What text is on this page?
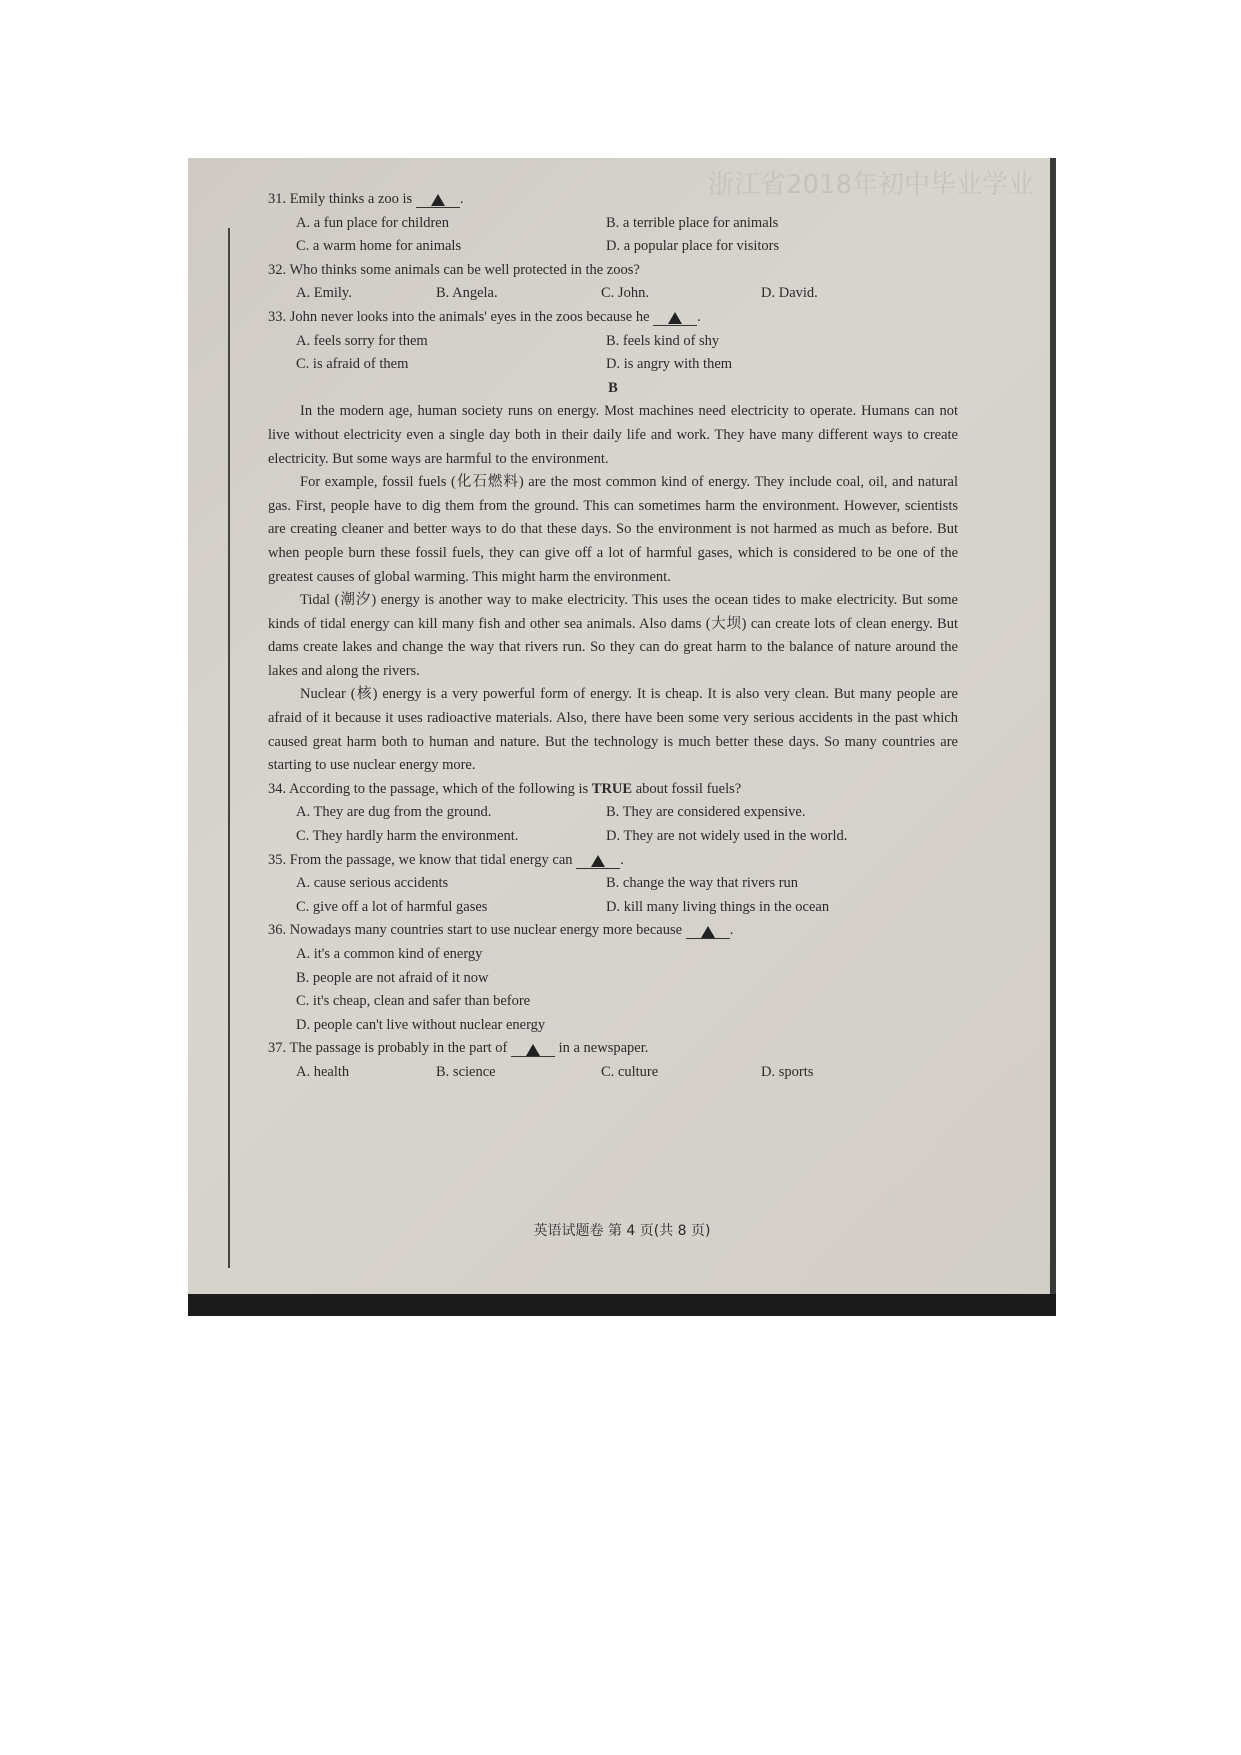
浙江省2018年初中毕业学业

31. Emily thinks a zoo is	.

A. a fun place for children	B. a terrible place for animals
C. a warm home for animals	D. a popular place for visitors

32. Who thinks some animals can be well protected in the zoos?

A. Emily.	B. Angela.	C. John.	D. David.

33. John never looks into the animals' eyes in the zoos because he	.

A. feels sorry for them	B. feels kind of shy
C. is afraid of them	D. is angry with them

B

In the modern age, human society runs on energy. Most machines need electricity to operate. Humans can not live without electricity even a single day both in their daily life and work. They have many different ways to create electricity. But some ways are harmful to the environment.

For example, fossil fuels (化石燃料) are the most common kind of energy. They include coal, oil, and natural gas. First, people have to dig them from the ground. This can sometimes harm the environment. However, scientists are creating cleaner and better ways to do that these days. So the environment is not harmed as much as before. But when people burn these fossil fuels, they can give off a lot of harmful gases, which is considered to be one of the greatest causes of global warming. This might harm the environment.

Tidal (潮汐) energy is another way to make electricity. This uses the ocean tides to make electricity. But some kinds of tidal energy can kill many fish and other sea animals. Also dams (大坝) can create lots of clean energy. But dams create lakes and change the way that rivers run. So they can do great harm to the balance of nature around the lakes and along the rivers.

Nuclear (核) energy is a very powerful form of energy. It is cheap. It is also very clean. But many people are afraid of it because it uses radioactive materials. Also, there have been some very serious accidents in the past which caused great harm both to human and nature. But the technology is much better these days. So many countries are starting to use nuclear energy more.

34. According to the passage, which of the following is TRUE about fossil fuels?

A. They are dug from the ground.	B. They are considered expensive.
C. They hardly harm the environment.	D. They are not widely used in the world.

35. From the passage, we know that tidal energy can	.

A. cause serious accidents	B. change the way that rivers run
C. give off a lot of harmful gases	D. kill many living things in the ocean

36. Nowadays many countries start to use nuclear energy more because	.

A. it's a common kind of energy
B. people are not afraid of it now
C. it's cheap, clean and safer than before
D. people can't live without nuclear energy

37. The passage is probably in the part of	in a newspaper.

A. health	B. science	C. culture	D. sports
英语试题卷 第 4 页(共 8 页)
